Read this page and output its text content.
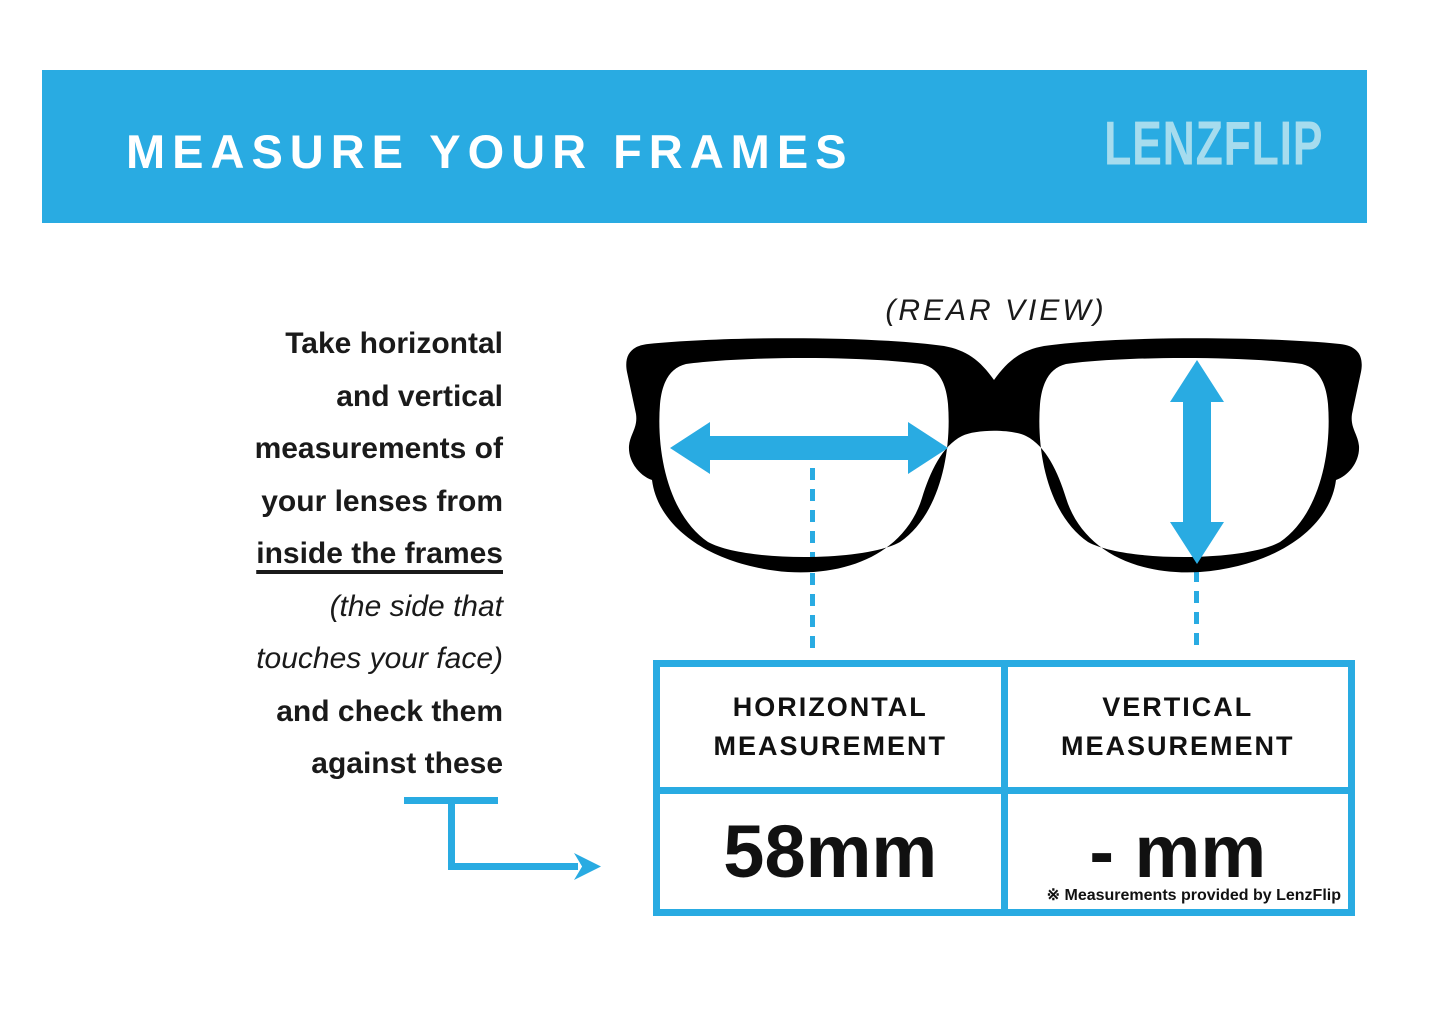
MEASURE YOUR FRAMES	LENZFLIP
Take horizontal
and vertical
measurements of
your lenses from
inside the frames
(the side that
touches your face)
and check them
against these
(REAR VIEW)
HORIZONTAL
MEASUREMENT
VERTICAL
MEASUREMENT
58mm - mm
※ Measurements provided by LenzFlip
